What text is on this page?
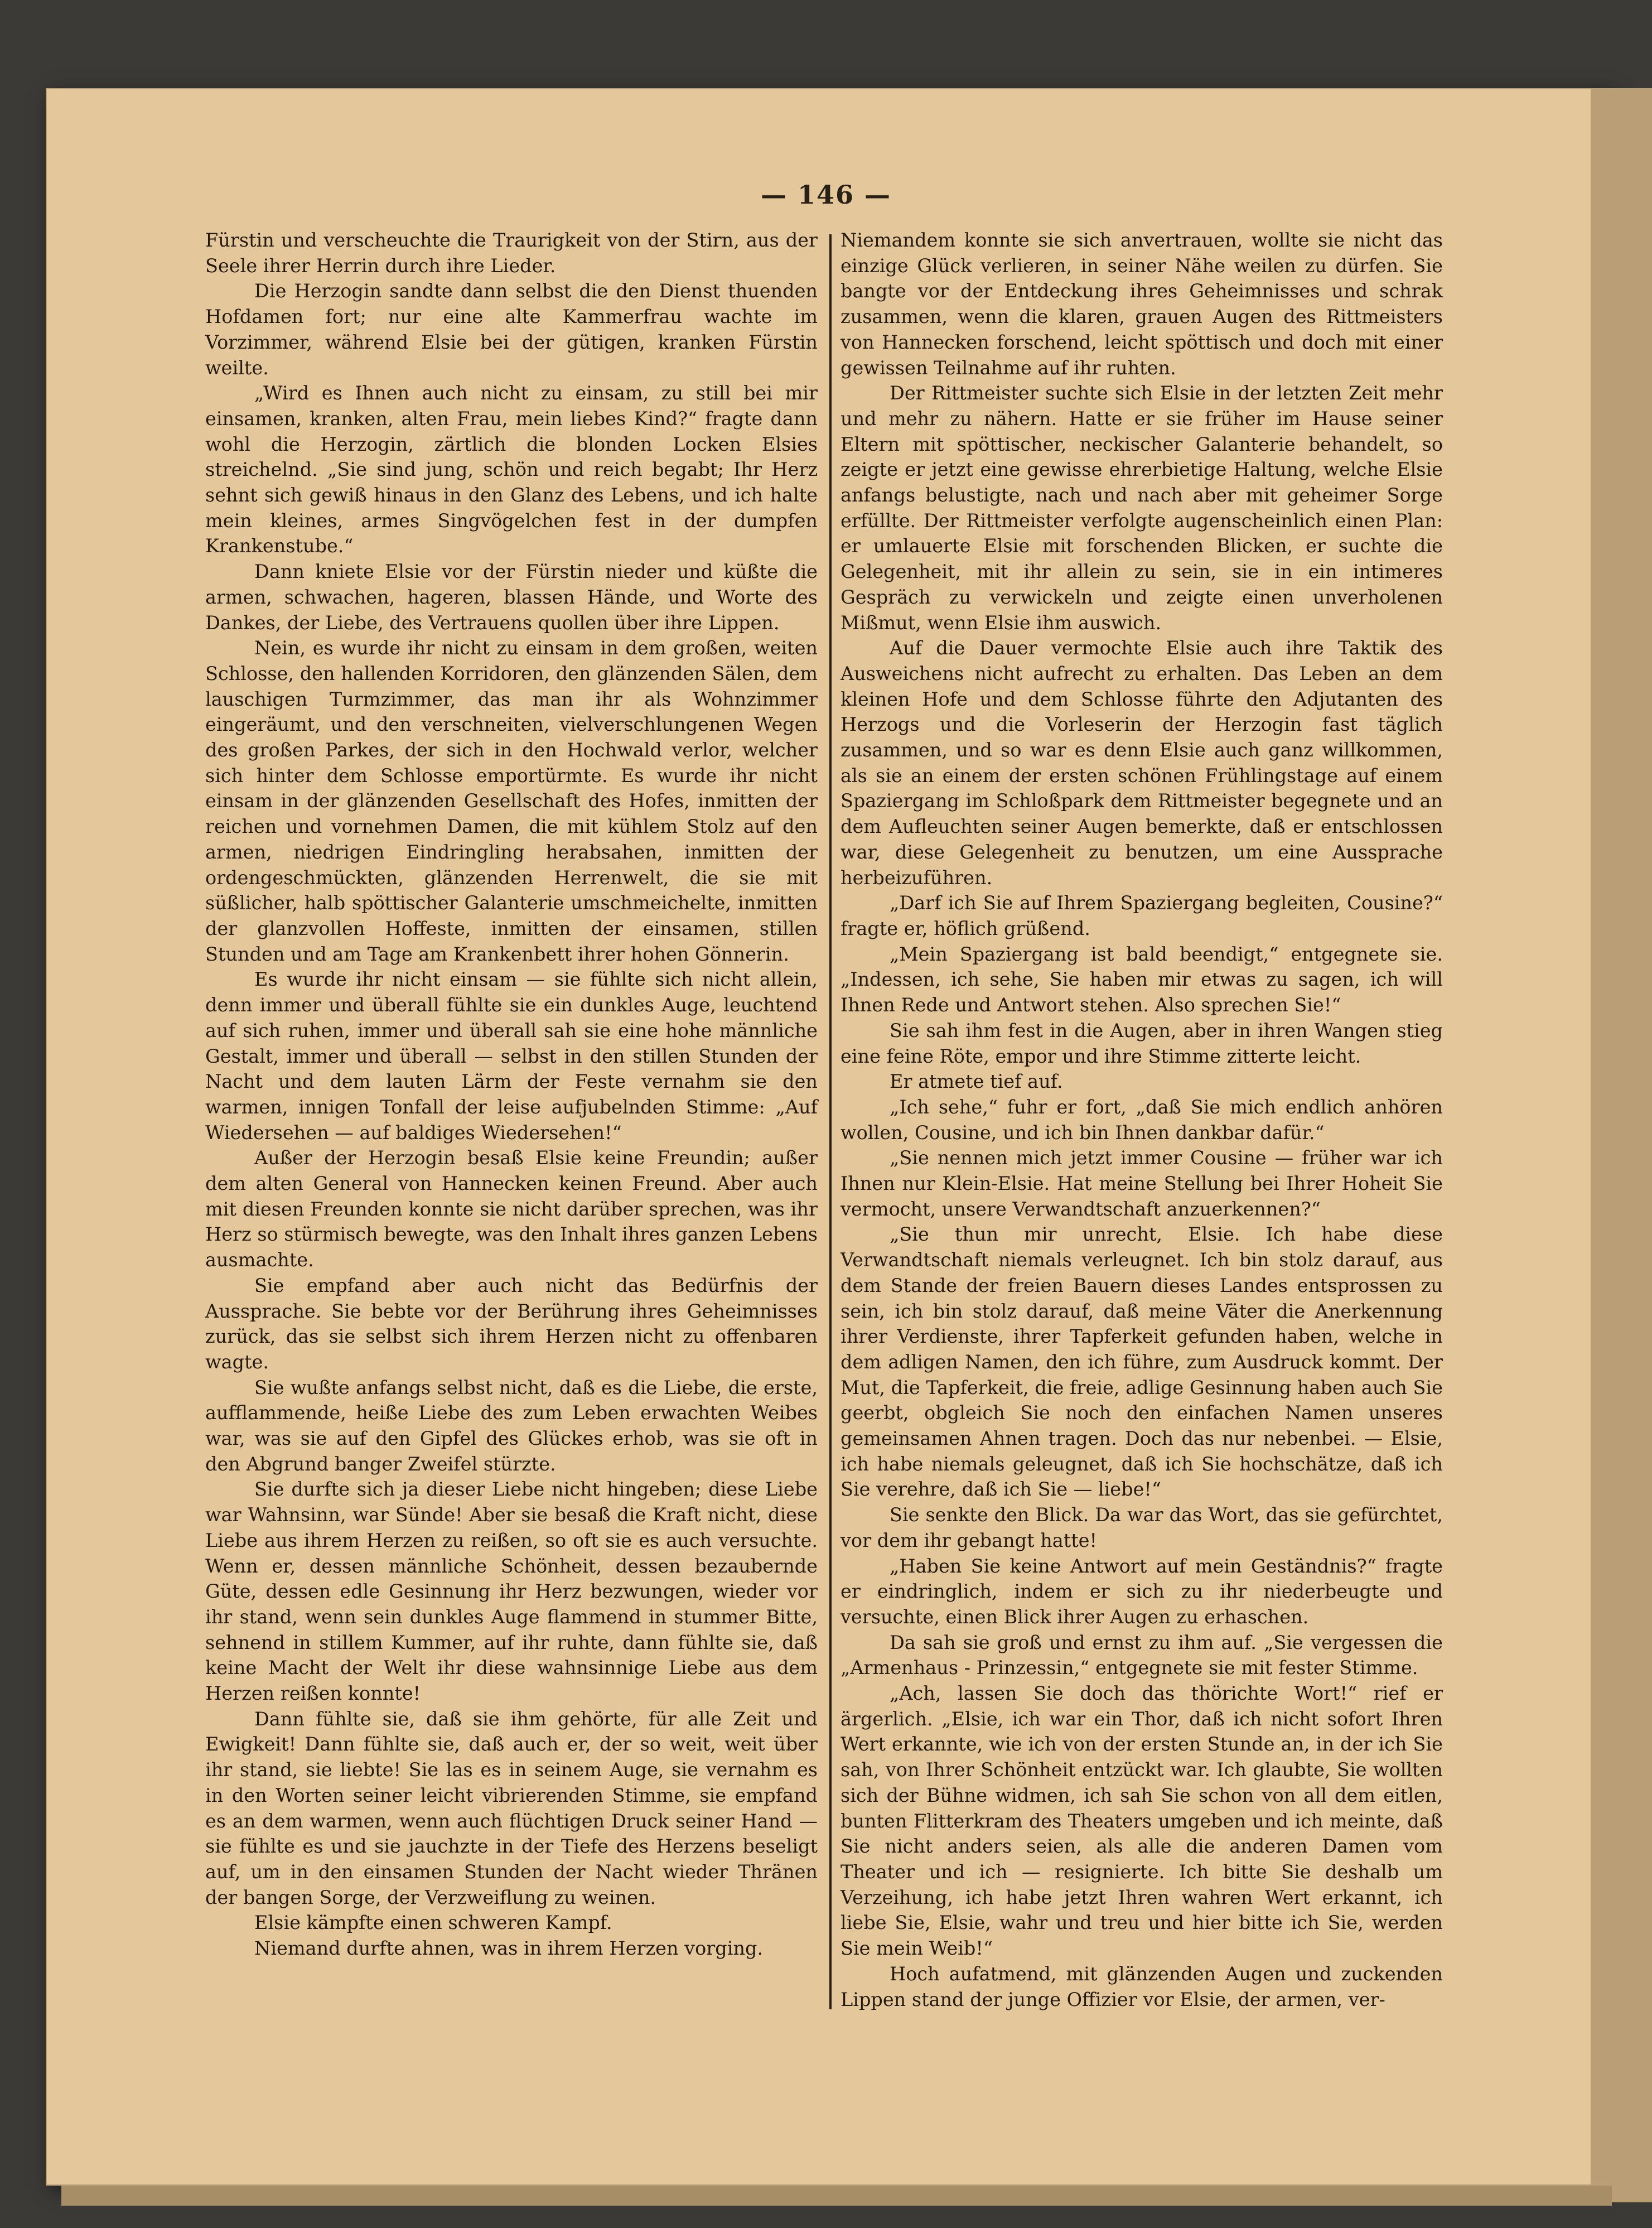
— 146 —

Fürstin und verscheuchte die Traurigkeit von der Stirn, aus der Seele ihrer Herrin durch ihre Lieder.

Die Herzogin sandte dann selbst die den Dienst thuenden Hofdamen fort; nur eine alte Kammerfrau wachte im Vorzimmer, während Elsie bei der gütigen, kranken Fürstin weilte.

„Wird es Ihnen auch nicht zu einsam, zu still bei mir einsamen, kranken, alten Frau, mein liebes Kind?“ fragte dann wohl die Herzogin, zärtlich die blonden Locken Elsies streichelnd. „Sie sind jung, schön und reich begabt; Ihr Herz sehnt sich gewiß hinaus in den Glanz des Lebens, und ich halte mein kleines, armes Singvögelchen fest in der dumpfen Krankenstube.“

Dann kniete Elsie vor der Fürstin nieder und küßte die armen, schwachen, hageren, blassen Hände, und Worte des Dankes, der Liebe, des Vertrauens quollen über ihre Lippen.

Nein, es wurde ihr nicht zu einsam in dem großen, weiten Schlosse, den hallenden Korridoren, den glänzenden Sälen, dem lauschigen Turmzimmer, das man ihr als Wohnzimmer eingeräumt, und den verschneiten, vielverschlungenen Wegen des großen Parkes, der sich in den Hochwald verlor, welcher sich hinter dem Schlosse emportürmte. Es wurde ihr nicht einsam in der glänzenden Gesellschaft des Hofes, inmitten der reichen und vornehmen Damen, die mit kühlem Stolz auf den armen, niedrigen Eindringling herabsahen, inmitten der ordengeschmückten, glänzenden Herrenwelt, die sie mit süßlicher, halb spöttischer Galanterie umschmeichelte, inmitten der glanzvollen Hoffeste, inmitten der einsamen, stillen Stunden und am Tage am Krankenbett ihrer hohen Gönnerin.

Es wurde ihr nicht einsam — sie fühlte sich nicht allein, denn immer und überall fühlte sie ein dunkles Auge, leuchtend auf sich ruhen, immer und überall sah sie eine hohe männliche Gestalt, immer und überall — selbst in den stillen Stunden der Nacht und dem lauten Lärm der Feste vernahm sie den warmen, innigen Tonfall der leise aufjubelnden Stimme: „Auf Wiedersehen — auf baldiges Wiedersehen!“

Außer der Herzogin besaß Elsie keine Freundin; außer dem alten General von Hannecken keinen Freund. Aber auch mit diesen Freunden konnte sie nicht darüber sprechen, was ihr Herz so stürmisch bewegte, was den Inhalt ihres ganzen Lebens ausmachte.

Sie empfand aber auch nicht das Bedürfnis der Aussprache. Sie bebte vor der Berührung ihres Geheimnisses zurück, das sie selbst sich ihrem Herzen nicht zu offenbaren wagte.

Sie wußte anfangs selbst nicht, daß es die Liebe, die erste, aufflammende, heiße Liebe des zum Leben erwachten Weibes war, was sie auf den Gipfel des Glückes erhob, was sie oft in den Abgrund banger Zweifel stürzte.

Sie durfte sich ja dieser Liebe nicht hingeben; diese Liebe war Wahnsinn, war Sünde! Aber sie besaß die Kraft nicht, diese Liebe aus ihrem Herzen zu reißen, so oft sie es auch versuchte. Wenn er, dessen männliche Schönheit, dessen bezaubernde Güte, dessen edle Gesinnung ihr Herz bezwungen, wieder vor ihr stand, wenn sein dunkles Auge flammend in stummer Bitte, sehnend in stillem Kummer, auf ihr ruhte, dann fühlte sie, daß keine Macht der Welt ihr diese wahnsinnige Liebe aus dem Herzen reißen konnte!

Dann fühlte sie, daß sie ihm gehörte, für alle Zeit und Ewigkeit! Dann fühlte sie, daß auch er, der so weit, weit über ihr stand, sie liebte! Sie las es in seinem Auge, sie vernahm es in den Worten seiner leicht vibrierenden Stimme, sie empfand es an dem warmen, wenn auch flüchtigen Druck seiner Hand — sie fühlte es und sie jauchzte in der Tiefe des Herzens beseligt auf, um in den einsamen Stunden der Nacht wieder Thränen der bangen Sorge, der Verzweiflung zu weinen.

Elsie kämpfte einen schweren Kampf.

Niemand durfte ahnen, was in ihrem Herzen vorging.

Niemandem konnte sie sich anvertrauen, wollte sie nicht das einzige Glück verlieren, in seiner Nähe weilen zu dürfen. Sie bangte vor der Entdeckung ihres Geheimnisses und schrak zusammen, wenn die klaren, grauen Augen des Rittmeisters von Hannecken forschend, leicht spöttisch und doch mit einer gewissen Teilnahme auf ihr ruhten.

Der Rittmeister suchte sich Elsie in der letzten Zeit mehr und mehr zu nähern. Hatte er sie früher im Hause seiner Eltern mit spöttischer, neckischer Galanterie behandelt, so zeigte er jetzt eine gewisse ehrerbietige Haltung, welche Elsie anfangs belustigte, nach und nach aber mit geheimer Sorge erfüllte. Der Rittmeister verfolgte augenscheinlich einen Plan: er umlauerte Elsie mit forschenden Blicken, er suchte die Gelegenheit, mit ihr allein zu sein, sie in ein intimeres Gespräch zu verwickeln und zeigte einen unverholenen Mißmut, wenn Elsie ihm auswich.

Auf die Dauer vermochte Elsie auch ihre Taktik des Ausweichens nicht aufrecht zu erhalten. Das Leben an dem kleinen Hofe und dem Schlosse führte den Adjutanten des Herzogs und die Vorleserin der Herzogin fast täglich zusammen, und so war es denn Elsie auch ganz willkommen, als sie an einem der ersten schönen Frühlingstage auf einem Spaziergang im Schloßpark dem Rittmeister begegnete und an dem Aufleuchten seiner Augen bemerkte, daß er entschlossen war, diese Gelegenheit zu benutzen, um eine Aussprache herbeizuführen.

„Darf ich Sie auf Ihrem Spaziergang begleiten, Cousine?“ fragte er, höflich grüßend.

„Mein Spaziergang ist bald beendigt,“ entgegnete sie. „Indessen, ich sehe, Sie haben mir etwas zu sagen, ich will Ihnen Rede und Antwort stehen. Also sprechen Sie!“

Sie sah ihm fest in die Augen, aber in ihren Wangen stieg eine feine Röte, empor und ihre Stimme zitterte leicht.

Er atmete tief auf.

„Ich sehe,“ fuhr er fort, „daß Sie mich endlich anhören wollen, Cousine, und ich bin Ihnen dankbar dafür.“

„Sie nennen mich jetzt immer Cousine — früher war ich Ihnen nur Klein-Elsie. Hat meine Stellung bei Ihrer Hoheit Sie vermocht, unsere Verwandtschaft anzuerkennen?“

„Sie thun mir unrecht, Elsie. Ich habe diese Verwandtschaft niemals verleugnet. Ich bin stolz darauf, aus dem Stande der freien Bauern dieses Landes entsprossen zu sein, ich bin stolz darauf, daß meine Väter die Anerkennung ihrer Verdienste, ihrer Tapferkeit gefunden haben, welche in dem adligen Namen, den ich führe, zum Ausdruck kommt. Der Mut, die Tapferkeit, die freie, adlige Gesinnung haben auch Sie geerbt, obgleich Sie noch den einfachen Namen unseres gemeinsamen Ahnen tragen. Doch das nur nebenbei. — Elsie, ich habe niemals geleugnet, daß ich Sie hochschätze, daß ich Sie verehre, daß ich Sie — liebe!“

Sie senkte den Blick. Da war das Wort, das sie gefürchtet, vor dem ihr gebangt hatte!

„Haben Sie keine Antwort auf mein Geständnis?“ fragte er eindringlich, indem er sich zu ihr niederbeugte und versuchte, einen Blick ihrer Augen zu erhaschen.

Da sah sie groß und ernst zu ihm auf. „Sie vergessen die „Armenhaus - Prinzessin,“ entgegnete sie mit fester Stimme.

„Ach, lassen Sie doch das thörichte Wort!“ rief er ärgerlich. „Elsie, ich war ein Thor, daß ich nicht sofort Ihren Wert erkannte, wie ich von der ersten Stunde an, in der ich Sie sah, von Ihrer Schönheit entzückt war. Ich glaubte, Sie wollten sich der Bühne widmen, ich sah Sie schon von all dem eitlen, bunten Flitterkram des Theaters umgeben und ich meinte, daß Sie nicht anders seien, als alle die anderen Damen vom Theater und ich — resignierte. Ich bitte Sie deshalb um Verzeihung, ich habe jetzt Ihren wahren Wert erkannt, ich liebe Sie, Elsie, wahr und treu und hier bitte ich Sie, werden Sie mein Weib!“

Hoch aufatmend, mit glänzenden Augen und zuckenden Lippen stand der junge Offizier vor Elsie, der armen, ver-
